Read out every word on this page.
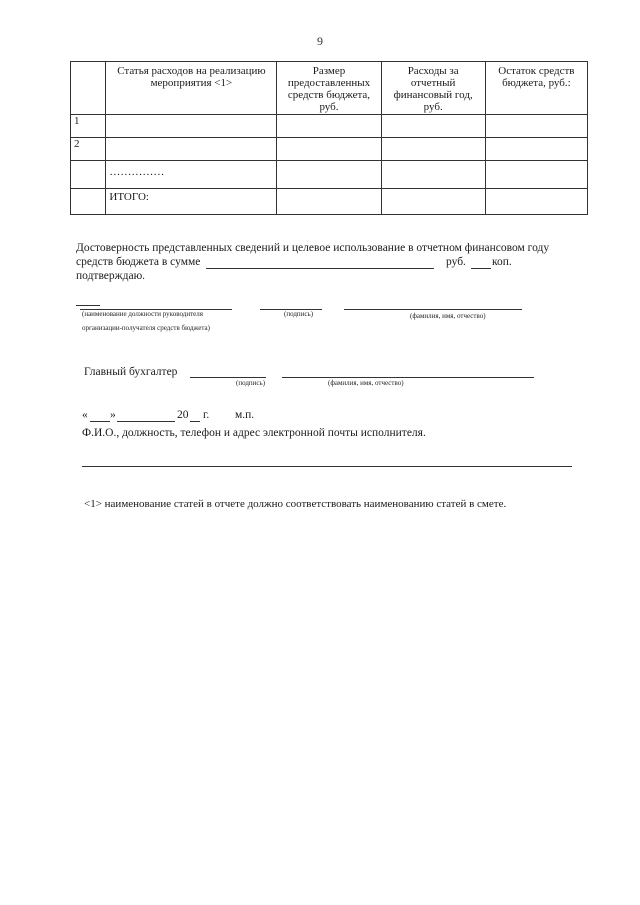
9
	Статья расходов на реализацию мероприятия <1>	Размер предоставленных средств бюджета, руб.	Расходы за отчетный финансовый год, руб.	Остаток средств бюджета, руб.:
1				
2				
	……………			
	ИТОГО:			
Достоверность представленных сведений и целевое использование в отчетном финансовом году
средств бюджета в сумме	руб. коп.
подтверждаю.
(наименование должности руководителя
организации-получателя средств бюджета)
(подпись)	(фамилия, имя, отчество)
Главный бухгалтер
(подпись)	(фамилия, имя, отчество)
« »	20 г. м.п.
Ф.И.О., должность, телефон и адрес электронной почты исполнителя.
<1> наименование статей в отчете должно соответствовать наименованию статей в смете.
